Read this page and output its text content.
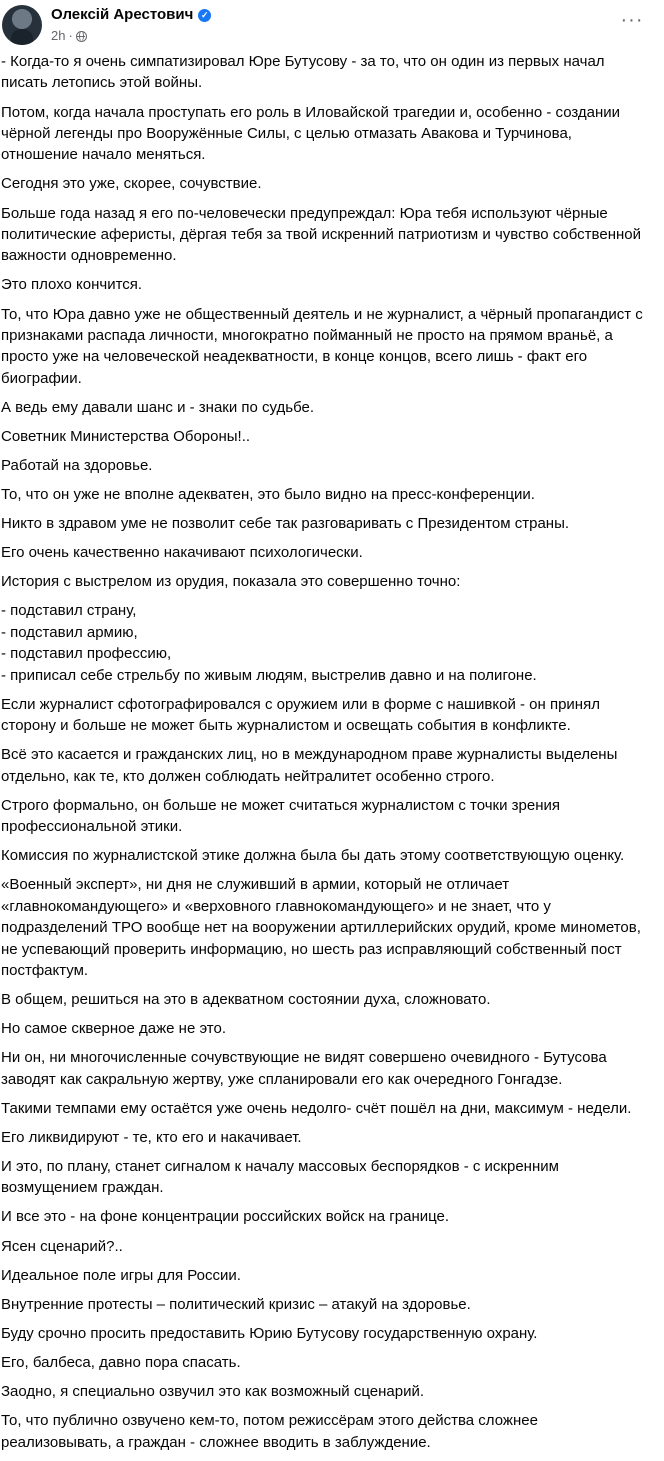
Олексій Арестович ✓
2h ·
···

- Когда-то я очень симпатизировал Юре Бутусову - за то, что он один из первых начал писать летопись этой войны.

Потом, когда начала проступать его роль в Иловайской трагедии и, особенно - создании чёрной легенды про Вооружённые Силы, с целью отмазать Авакова и Турчинова, отношение начало меняться.

Сегодня это уже, скорее, сочувствие.

Больше года назад я его по-человечески предупреждал: Юра тебя используют чёрные политические аферисты, дёргая тебя за твой искренний патриотизм и чувство собственной важности одновременно.

Это плохо кончится.

То, что Юра давно уже не общественный деятель и не журналист, а чёрный пропагандист с признаками распада личности, многократно пойманный не просто на прямом враньё, а просто уже на человеческой неадекватности, в конце концов, всего лишь - факт его биографии.

А ведь ему давали шанс и - знаки по судьбе.

Советник Министерства Обороны!..

Работай на здоровье.

То, что он уже не вполне адекватен, это было видно на пресс-конференции.

Никто в здравом уме не позволит себе так разговаривать с Президентом страны.

Его очень качественно накачивают психологически.

История с выстрелом из орудия, показала это совершенно точно:

- подставил страну,
- подставил армию,
- подставил профессию,
- приписал себе стрельбу по живым людям, выстрелив давно и на полигоне.

Если журналист сфотографировался с оружием или в форме с нашивкой - он принял сторону и больше не может быть журналистом и освещать события в конфликте.

Всё это касается и гражданских лиц, но в международном праве журналисты выделены отдельно, как те, кто должен соблюдать нейтралитет особенно строго.

Строго формально, он больше не может считаться журналистом с точки зрения профессиональной этики.

Комиссия по журналистской этике должна была бы дать этому соответствующую оценку.

«Военный эксперт», ни дня не служивший в армии, который не отличает «главнокомандующего» и «верховного главнокомандующего» и не знает, что у подразделений ТРО вообще нет на вооружении артиллерийских орудий, кроме минометов, не успевающий проверить информацию, но шесть раз исправляющий собственный пост постфактум.

В общем, решиться на это в адекватном состоянии духа, сложновато.

Но самое скверное даже не это.

Ни он, ни многочисленные сочувствующие не видят совершено очевидного - Бутусова заводят как сакральную жертву, уже спланировали его как очередного Гонгадзе.

Такими темпами ему остаётся уже очень недолго- счёт пошёл на дни, максимум - недели.

Его ликвидируют - те, кто его и накачивает.

И это, по плану, станет сигналом к началу массовых беспорядков - с искренним возмущением граждан.

И все это - на фоне концентрации российских войск на границе.

Ясен сценарий?..

Идеальное поле игры для России.

Внутренние протесты – политический кризис – атакуй на здоровье.

Буду срочно просить предоставить Юрию Бутусову государственную охрану.

Его, балбеса, давно пора спасать.

Заодно, я специально озвучил это как возможный сценарий.

То, что публично озвучено кем-то, потом режиссёрам этого действа сложнее реализовывать, а граждан - сложнее вводить в заблуждение.
